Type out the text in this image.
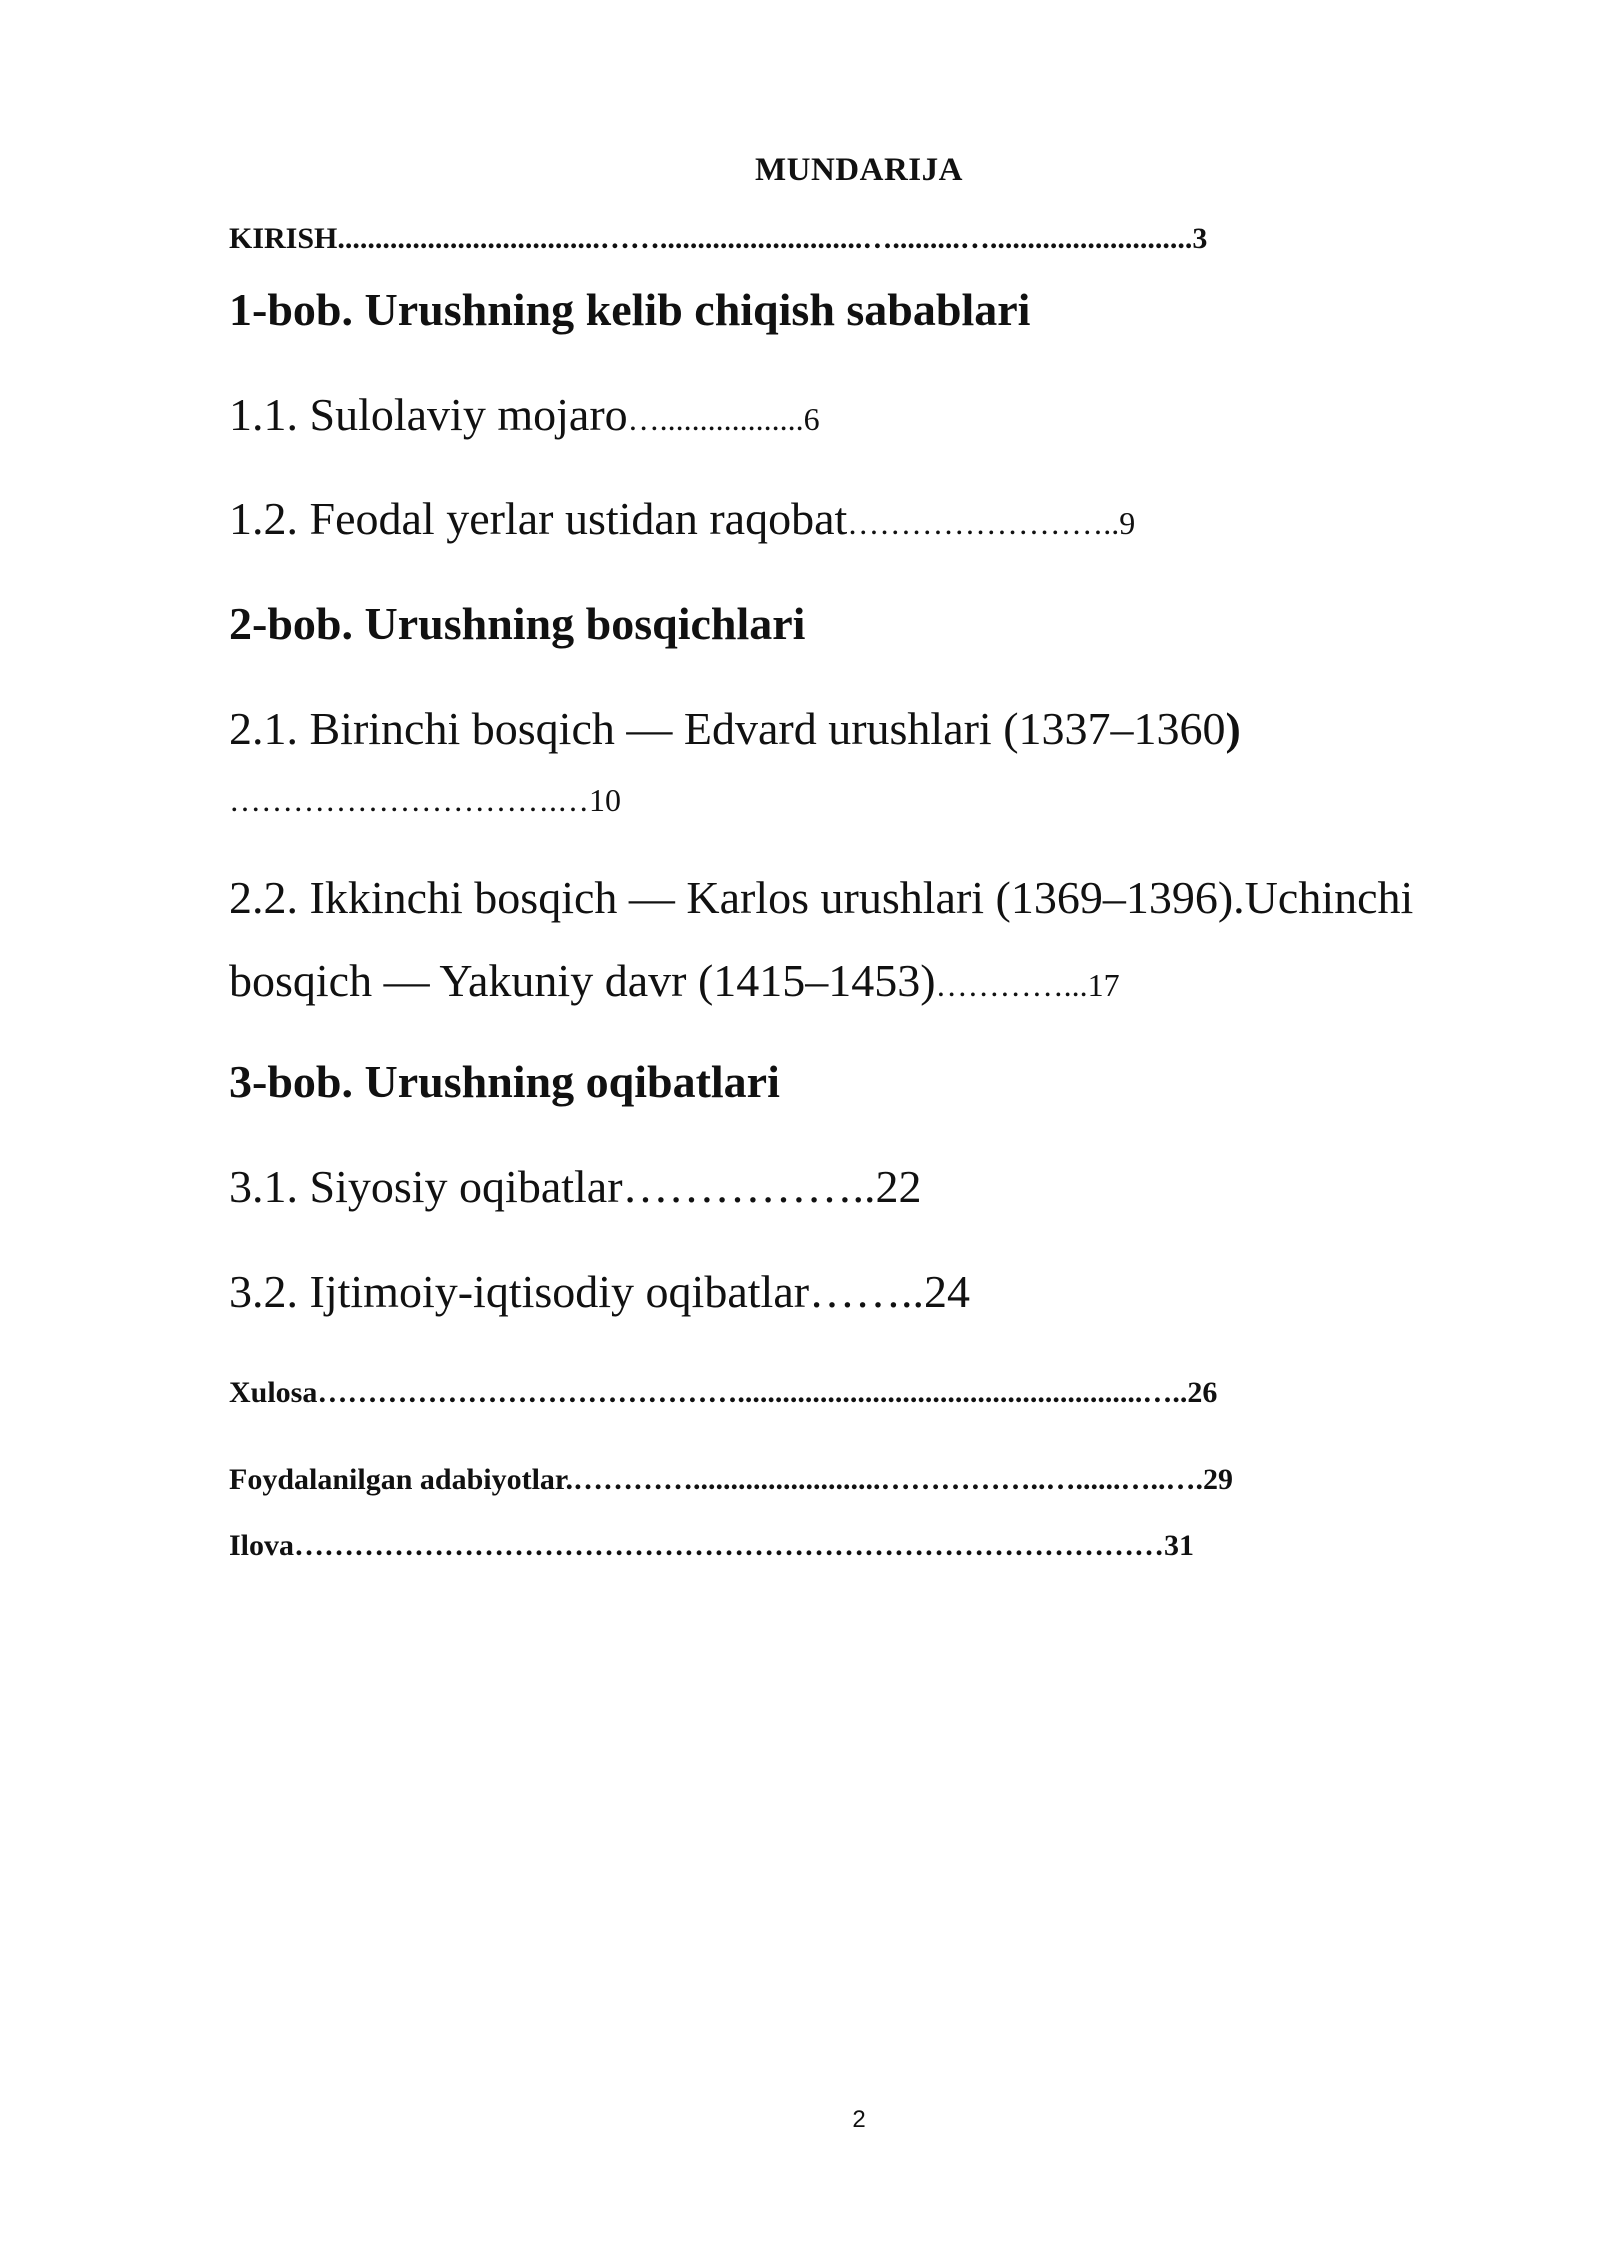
MUNDARIJA
KIRISH...................................……...........................….........…...........................3
1-bob. Urushning kelib chiqish sabablari
1.1. Sulolaviy mojaro…..................6
1.2. Feodal yerlar ustidan raqobat……………………..9
2-bob. Urushning bosqichlari
2.1. Birinchi bosqich — Edvard urushlari (1337–1360)
………………………….…10
2.2. Ikkinchi bosqich — Karlos urushlari (1369–1396).Uchinchi
bosqich — Yakuniy davr (1415–1453)…………...17
3-bob. Urushning oqibatlari
3.1. Siyosiy oqibatlar……………..22
3.2. Ijtimoiy-iqtisodiy oqibatlar……..24
Xulosa……………………………………......................................................…..26
Foydalanilgan adabiyotlar.………….........................……………..…......…..….29
Ilova……………………………………………………………………………31
2
